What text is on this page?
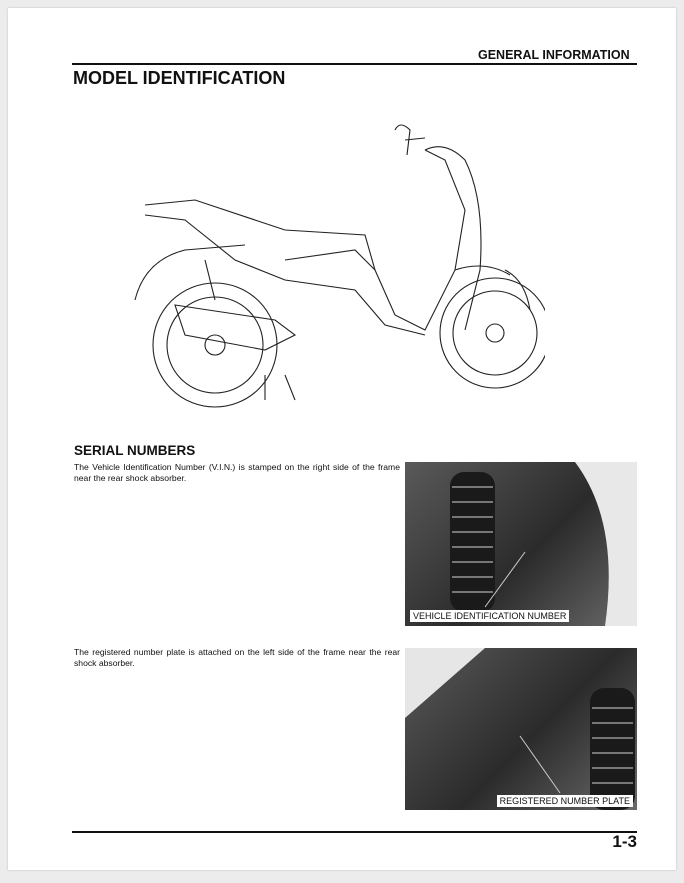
GENERAL INFORMATION
MODEL IDENTIFICATION
SERIAL NUMBERS
The Vehicle Identification Number (V.I.N.) is stamped on the right side of the frame near the rear shock absorber.
VEHICLE IDENTIFICATION NUMBER
The registered number plate is attached on the left side of the frame near the rear shock absorber.
REGISTERED NUMBER PLATE
1-3
